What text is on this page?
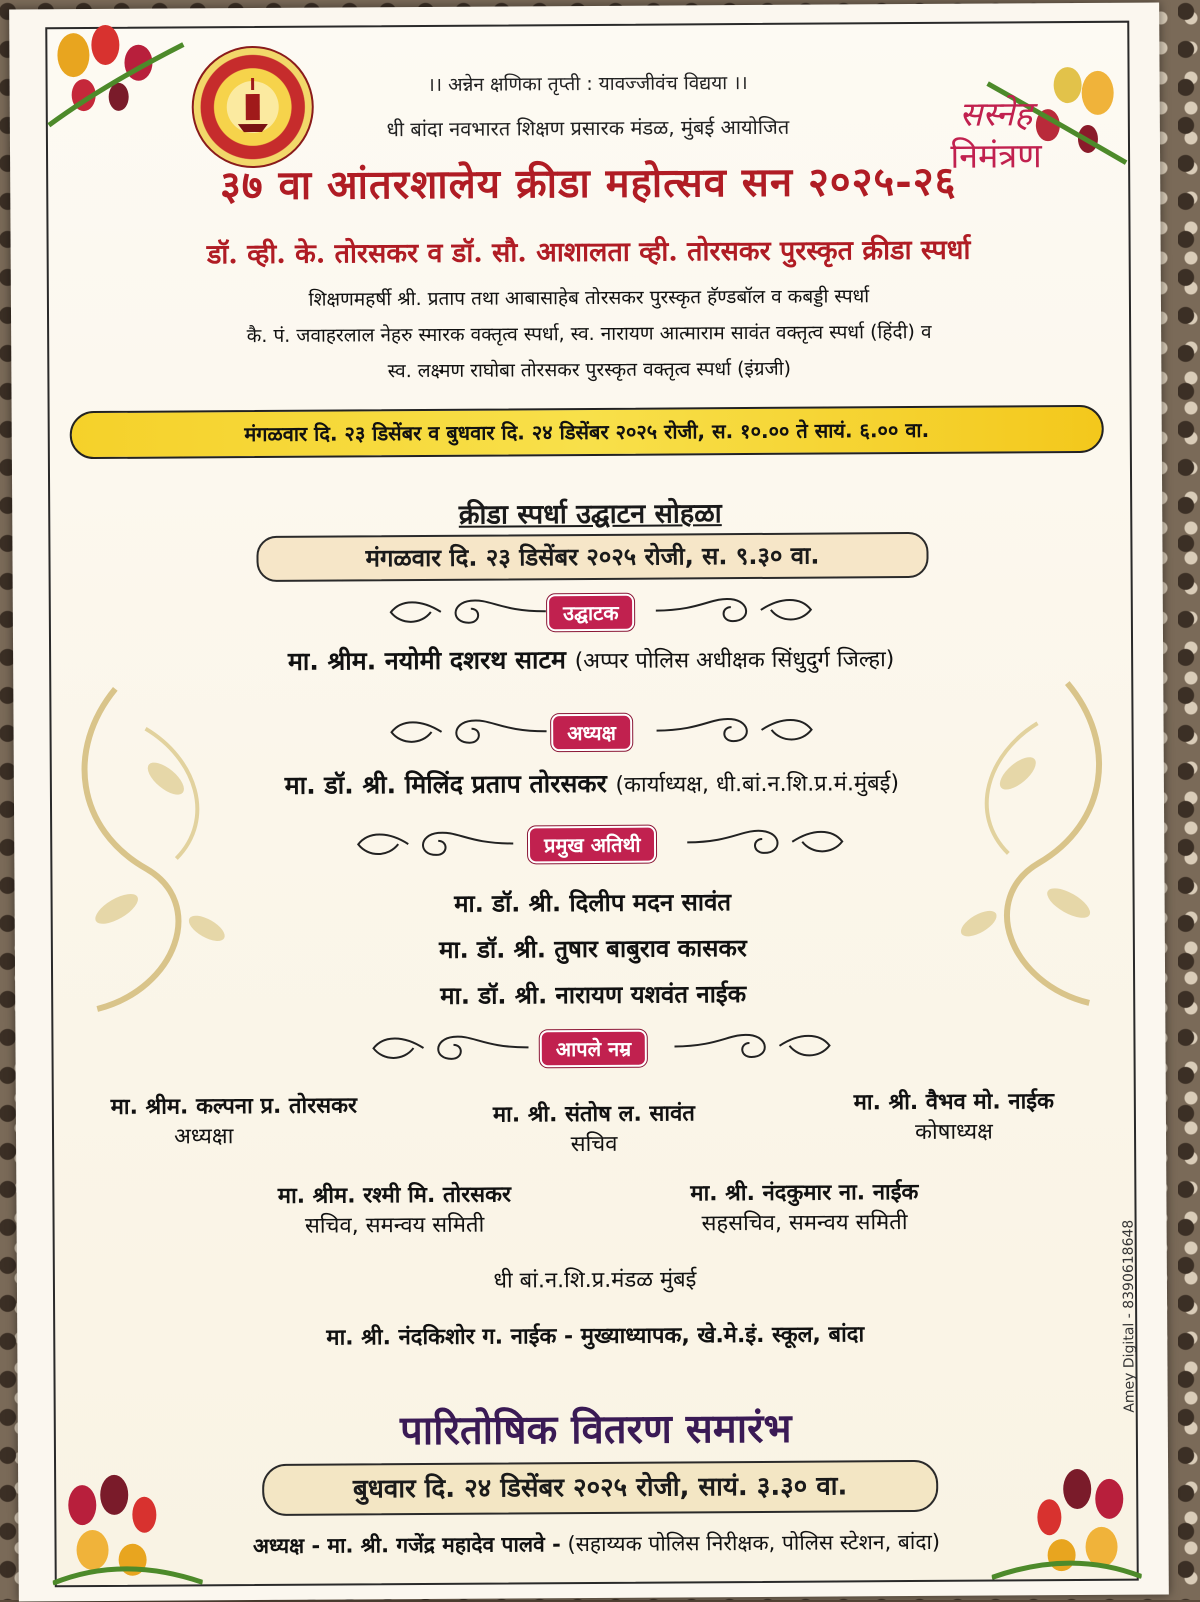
।। अन्नेन क्षणिका तृप्ती : यावज्जीवंच विद्यया ।।
धी बांदा नवभारत शिक्षण प्रसारक मंडळ, मुंबई आयोजित	सस्नेह
निमंत्रण
३७ वा आंतरशालेय क्रीडा महोत्सव सन २०२५-२६
डॉ. व्ही. के. तोरसकर व डॉ. सौ. आशालता व्ही. तोरसकर पुरस्कृत क्रीडा स्पर्धा
शिक्षणमहर्षी श्री. प्रताप तथा आबासाहेब तोरसकर पुरस्कृत हॅण्डबॉल व कबड्डी स्पर्धा
कै. पं. जवाहरलाल नेहरु स्मारक वक्तृत्व स्पर्धा, स्व. नारायण आत्माराम सावंत वक्तृत्व स्पर्धा (हिंदी) व
स्व. लक्ष्मण राघोबा तोरसकर पुरस्कृत वक्तृत्व स्पर्धा (इंग्रजी)
मंगळवार दि. २३ डिसेंबर व बुधवार दि. २४ डिसेंबर २०२५ रोजी, स. १०.०० ते सायं. ६.०० वा.
क्रीडा स्पर्धा उद्घाटन सोहळा
मंगळवार दि. २३ डिसेंबर २०२५ रोजी, स. ९.३० वा.
उद्घाटक
मा. श्रीम. नयोमी दशरथ साटम (अप्पर पोलिस अधीक्षक सिंधुदुर्ग जिल्हा)
अध्यक्ष
मा. डॉ. श्री. मिलिंद प्रताप तोरसकर (कार्याध्यक्ष, धी.बां.न.शि.प्र.मं.मुंबई)
प्रमुख अतिथी
मा. डॉ. श्री. दिलीप मदन सावंत
मा. डॉ. श्री. तुषार बाबुराव कासकर
मा. डॉ. श्री. नारायण यशवंत नाईक
आपले नम्र
मा. श्रीम. कल्पना प्र. तोरसकर
अध्यक्षा
मा. श्री. संतोष ल. सावंत
सचिव
मा. श्री. वैभव मो. नाईक
कोषाध्यक्ष
मा. श्रीम. रश्मी मि. तोरसकर
सचिव, समन्वय समिती
मा. श्री. नंदकुमार ना. नाईक
सहसचिव, समन्वय समिती
धी बां.न.शि.प्र.मंडळ मुंबई
मा. श्री. नंदकिशोर ग. नाईक - मुख्याध्यापक, खे.मे.इं. स्कूल, बांदा
पारितोषिक वितरण समारंभ
बुधवार दि. २४ डिसेंबर २०२५ रोजी, सायं. ३.३० वा.
अध्यक्ष - मा. श्री. गजेंद्र महादेव पालवे - (सहाय्यक पोलिस निरीक्षक, पोलिस स्टेशन, बांदा)
Amey Digital - 8390618648
